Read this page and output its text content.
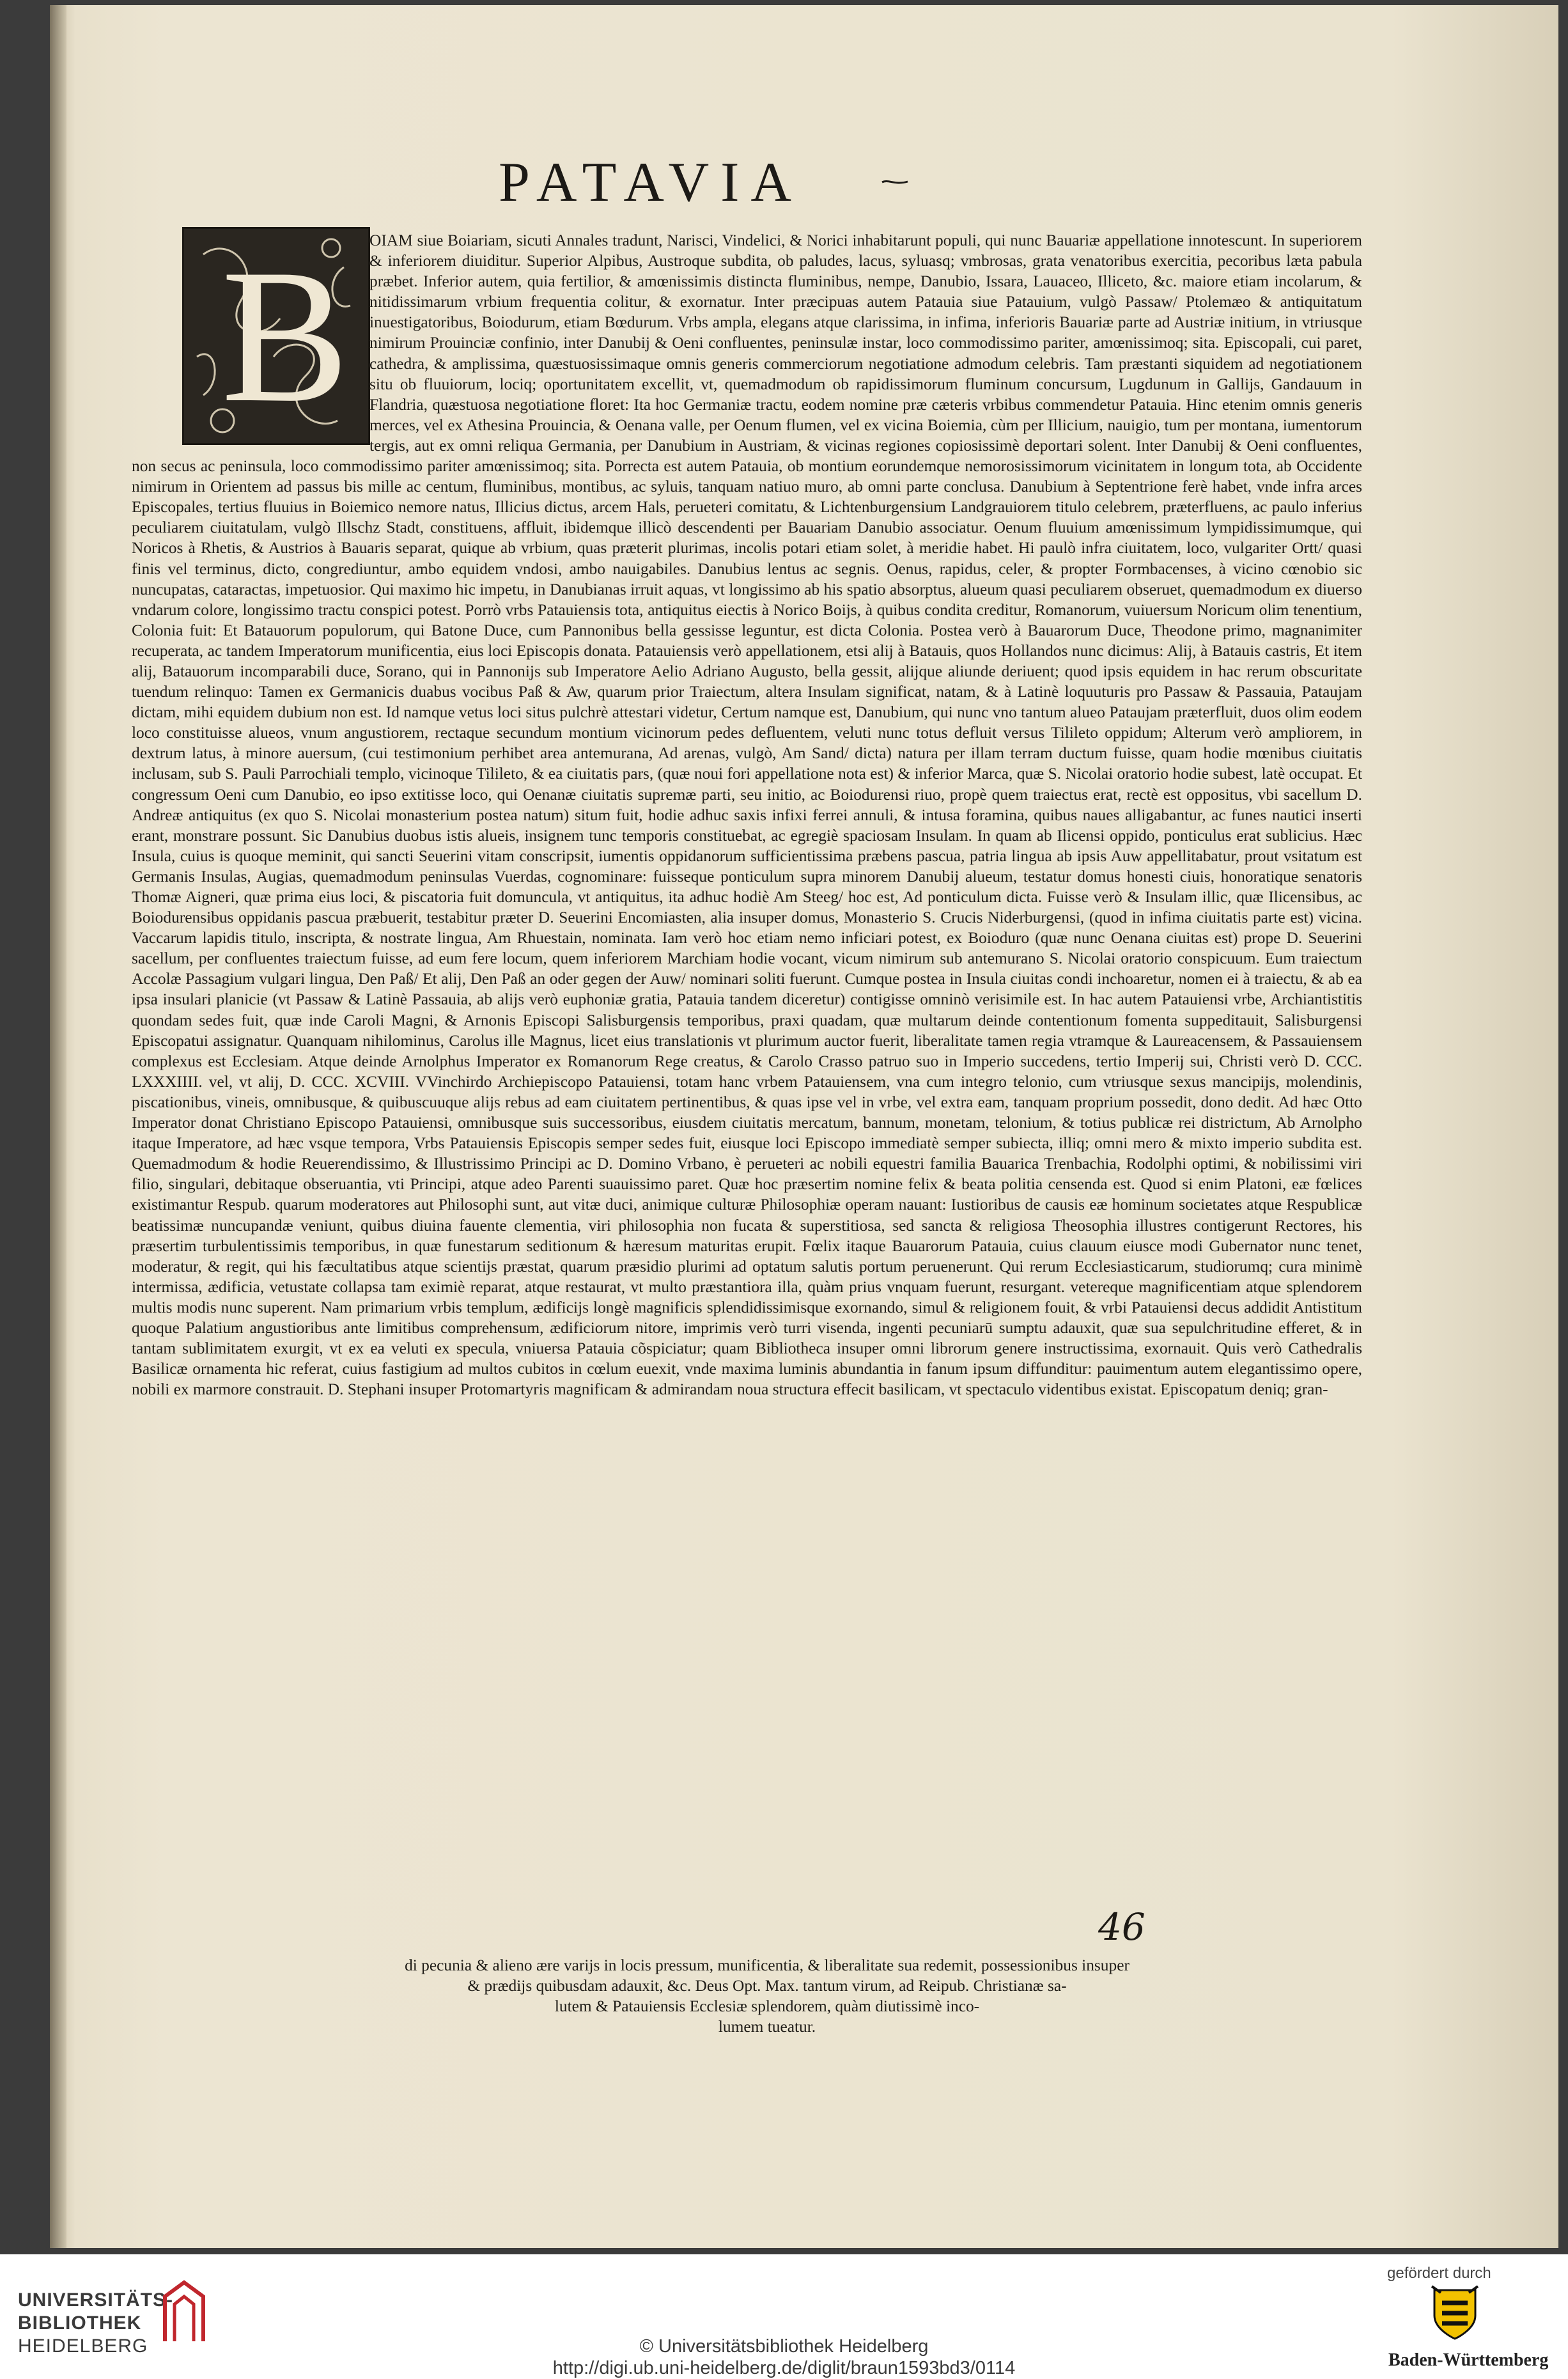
PATAVIA
B	OIAM siue Boiariam, sicuti Annales tradunt, Narisci, Vindelici, & Norici inhabitarunt populi, qui nunc Bauariæ appellatione innotescunt. In superiorem & inferiorem diuiditur. Superior Alpibus, Austroque subdita, ob paludes, lacus, syluasq; vmbrosas, grata venatoribus exercitia, pecoribus læta pabula præbet. Inferior autem, quia fertilior, & amœnissimis distincta fluminibus, nempe, Danubio, Issara, Lauaceo, Illiceto, &c. maiore etiam incolarum, & nitidissimarum vrbium frequentia colitur, & exornatur. Inter præcipuas autem Patauia siue Patauium, vulgò Passaw/ Ptolemæo & antiquitatum inuestigatoribus, Boiodurum, etiam Bœdurum. Vrbs ampla, elegans atque clarissima, in infima, inferioris Bauariæ parte ad Austriæ initium, in vtriusque nimirum Prouinciæ confinio, inter Danubij & Oeni confluentes, peninsulæ instar, loco commodissimo pariter, amœnissimoq; sita. Episcopali, cui paret, cathedra, & amplissima, quæstuosissimaque omnis generis commerciorum negotiatione admodum celebris. Tam præstanti siquidem ad negotiationem situ ob fluuiorum, lociq; oportunitatem excellit, vt, quemadmodum ob rapidissimorum fluminum concursum, Lugdunum in Gallijs, Gandauum in Flandria, quæstuosa negotiatione floret: Ita hoc Germaniæ tractu, eodem nomine præ cæteris vrbibus commendetur Patauia. Hinc etenim omnis generis merces, vel ex Athesina Prouincia, & Oenana valle, per Oenum flumen, vel ex vicina Boiemia, cùm per Illicium, nauigio, tum per montana, iumentorum tergis, aut ex omni reliqua Germania, per Danubium in Austriam, & vicinas regiones copiosissimè deportari solent. Inter Danubij & Oeni confluentes, non secus ac peninsula, loco commodissimo pariter amœnissimoq; sita. Porrecta est autem Patauia, ob montium eorundemque nemorosissimorum vicinitatem in longum tota, ab Occidente nimirum in Orientem ad passus bis mille ac centum, fluminibus, montibus, ac syluis, tanquam natiuo muro, ab omni parte conclusa. Danubium à Septentrione ferè habet, vnde infra arces Episcopales, tertius fluuius in Boiemico nemore natus, Illicius dictus, arcem Hals, perueteri comitatu, & Lichtenburgensium Landgrauiorem titulo celebrem, præterfluens, ac paulo inferius peculiarem ciuitatulam, vulgò Illschz Stadt, constituens, affluit, ibidemque illicò descendenti per Bauariam Danubio associatur. Oenum fluuium amœnissimum lympidissimumque, qui Noricos à Rhetis, & Austrios à Bauaris separat, quique ab vrbium, quas præterit plurimas, incolis potari etiam solet, à meridie habet. Hi paulò infra ciuitatem, loco, vulgariter Ortt/ quasi finis vel terminus, dicto, congrediuntur, ambo equidem vndosi, ambo nauigabiles. Danubius lentus ac segnis. Oenus, rapidus, celer, & propter Formbacenses, à vicino cœnobio sic nuncupatas, cataractas, impetuosior. Qui maximo hic impetu, in Danubianas irruit aquas, vt longissimo ab his spatio absorptus, alueum quasi peculiarem obseruet, quemadmodum ex diuerso vndarum colore, longissimo tractu conspici potest. Porrò vrbs Patauiensis tota, antiquitus eiectis à Norico Boijs, à quibus condita creditur, Romanorum, vuiuersum Noricum olim tenentium, Colonia fuit: Et Batauorum populorum, qui Batone Duce, cum Pannonibus bella gessisse leguntur, est dicta Colonia. Postea verò à Bauarorum Duce, Theodone primo, magnanimiter recuperata, ac tandem Imperatorum munificentia, eius loci Episcopis donata. Patauiensis verò appellationem, etsi alij à Batauis, quos Hollandos nunc dicimus: Alij, à Batauis castris, Et item alij, Batauorum incomparabili duce, Sorano, qui in Pannonijs sub Imperatore Aelio Adriano Augusto, bella gessit, alijque aliunde deriuent; quod ipsis equidem in hac rerum obscuritate tuendum relinquo: Tamen ex Germanicis duabus vocibus Paß & Aw, quarum prior Traiectum, altera Insulam significat, natam, & à Latinè loquuturis pro Passaw & Passauia, Pataujam dictam, mihi equidem dubium non est. Id namque vetus loci situs pulchrè attestari videtur, Certum namque est, Danubium, qui nunc vno tantum alueo Pataujam præterfluit, duos olim eodem loco constituisse alueos, vnum angustiorem, rectaque secundum montium vicinorum pedes defluentem, veluti nunc totus defluit versus Tilileto oppidum; Alterum verò ampliorem, in dextrum latus, à minore auersum, (cui testimonium perhibet area antemurana, Ad arenas, vulgò, Am Sand/ dicta) natura per illam terram ductum fuisse, quam hodie mœnibus ciuitatis inclusam, sub S. Pauli Parrochiali templo, vicinoque Tilileto, & ea ciuitatis pars, (quæ noui fori appellatione nota est) & inferior Marca, quæ S. Nicolai oratorio hodie subest, latè occupat. Et congressum Oeni cum Danubio, eo ipso extitisse loco, qui Oenanæ ciuitatis supremæ parti, seu initio, ac Boiodurensi riuo, propè quem traiectus erat, rectè est oppositus, vbi sacellum D. Andreæ antiquitus (ex quo S. Nicolai monasterium postea natum) situm fuit, hodie adhuc saxis infixi ferrei annuli, & intusa foramina, quibus naues alligabantur, ac funes nautici inserti erant, monstrare possunt. Sic Danubius duobus istis alueis, insignem tunc temporis constituebat, ac egregiè spaciosam Insulam. In quam ab Ilicensi oppido, ponticulus erat sublicius. Hæc Insula, cuius is quoque meminit, qui sancti Seuerini vitam conscripsit, iumentis oppidanorum sufficientissima præbens pascua, patria lingua ab ipsis Auw appellitabatur, prout vsitatum est Germanis Insulas, Augias, quemadmodum peninsulas Vuerdas, cognominare: fuisseque ponticulum supra minorem Danubij alueum, testatur domus honesti ciuis, honoratique senatoris Thomæ Aigneri, quæ prima eius loci, & piscatoria fuit domuncula, vt antiquitus, ita adhuc hodiè Am Steeg/ hoc est, Ad ponticulum dicta. Fuisse verò & Insulam illic, quæ Ilicensibus, ac Boiodurensibus oppidanis pascua præbuerit, testabitur præter D. Seuerini Encomiasten, alia insuper domus, Monasterio S. Crucis Niderburgensi, (quod in infima ciuitatis parte est) vicina. Vaccarum lapidis titulo, inscripta, & nostrate lingua, Am Rhuestain, nominata. Iam verò hoc etiam nemo inficiari potest, ex Boioduro (quæ nunc Oenana ciuitas est) prope D. Seuerini sacellum, per confluentes traiectum fuisse, ad eum fere locum, quem inferiorem Marchiam hodie vocant, vicum nimirum sub antemurano S. Nicolai oratorio conspicuum. Eum traiectum Accolæ Passagium vulgari lingua, Den Paß/ Et alij, Den Paß an oder gegen der Auw/ nominari soliti fuerunt. Cumque postea in Insula ciuitas condi inchoaretur, nomen ei à traiectu, & ab ea ipsa insulari planicie (vt Passaw & Latinè Passauia, ab alijs verò euphoniæ gratia, Patauia tandem diceretur) contigisse omninò verisimile est. In hac autem Patauiensi vrbe, Archiantistitis quondam sedes fuit, quæ inde Caroli Magni, & Arnonis Episcopi Salisburgensis temporibus, praxi quadam, quæ multarum deinde contentionum fomenta suppeditauit, Salisburgensi Episcopatui assignatur. Quanquam nihilominus, Carolus ille Magnus, licet eius translationis vt plurimum auctor fuerit, liberalitate tamen regia vtramque & Laureacensem, & Passauiensem complexus est Ecclesiam. Atque deinde Arnolphus Imperator ex Romanorum Rege creatus, & Carolo Crasso patruo suo in Imperio succedens, tertio Imperij sui, Christi verò D. CCC. LXXXIIII. vel, vt alij, D. CCC. XCVIII. VVinchirdo Archiepiscopo Patauiensi, totam hanc vrbem Patauiensem, vna cum integro telonio, cum vtriusque sexus mancipijs, molendinis, piscationibus, vineis, omnibusque, & quibuscuuque alijs rebus ad eam ciuitatem pertinentibus, & quas ipse vel in vrbe, vel extra eam, tanquam proprium possedit, dono dedit. Ad hæc Otto Imperator donat Christiano Episcopo Patauiensi, omnibusque suis successoribus, eiusdem ciuitatis mercatum, bannum, monetam, telonium, & totius publicæ rei districtum, Ab Arnolpho itaque Imperatore, ad hæc vsque tempora, Vrbs Patauiensis Episcopis semper sedes fuit, eiusque loci Episcopo immediatè semper subiecta, illiq; omni mero & mixto imperio subdita est. Quemadmodum & hodie Reuerendissimo, & Illustrissimo Principi ac D. Domino Vrbano, è perueteri ac nobili equestri familia Bauarica Trenbachia, Rodolphi optimi, & nobilissimi viri filio, singulari, debitaque obseruantia, vti Principi, atque adeo Parenti suauissimo paret. Quæ hoc præsertim nomine felix & beata politia censenda est. Quod si enim Platoni, eæ fœlices existimantur Respub. quarum moderatores aut Philosophi sunt, aut vitæ duci, animique culturæ Philosophiæ operam nauant: Iustioribus de causis eæ hominum societates atque Respublicæ beatissimæ nuncupandæ veniunt, quibus diuina fauente clementia, viri philosophia non fucata & superstitiosa, sed sancta & religiosa Theosophia illustres contigerunt Rectores, his præsertim turbulentissimis temporibus, in quæ funestarum seditionum & hæresum maturitas erupit. Fœlix itaque Bauarorum Patauia, cuius clauum eiusce modi Gubernator nunc tenet, moderatur, & regit, qui his fæcultatibus atque scientijs præstat, quarum præsidio plurimi ad optatum salutis portum peruenerunt. Qui rerum Ecclesiasticarum, studiorumq; cura minimè intermissa, ædificia, vetustate collapsa tam eximiè reparat, atque restaurat, vt multo præstantiora illa, quàm prius vnquam fuerunt, resurgant. vetereque magnificentiam atque splendorem multis modis nunc superent. Nam primarium vrbis templum, ædificijs longè magnificis splendidissimisque exornando, simul & religionem fouit, & vrbi Patauiensi decus addidit Antistitum quoque Palatium angustioribus ante limitibus comprehensum, ædificiorum nitore, imprimis verò turri visenda, ingenti pecuniarū sumptu adauxit, quæ sua sepulchritudine efferet, & in tantam sublimitatem exurgit, vt ex ea veluti ex specula, vniuersa Patauia cõspiciatur; quam Bibliotheca insuper omni librorum genere instructissima, exornauit. Quis verò Cathedralis Basilicæ ornamenta hic referat, cuius fastigium ad multos cubitos in cœlum euexit, vnde maxima luminis abundantia in fanum ipsum diffunditur: pauimentum autem elegantissimo opere, nobili ex marmore constrauit. D. Stephani insuper Protomartyris magnificam & admirandam noua structura effecit basilicam, vt spectaculo videntibus existat. Episcopatum deniq; gran-

di pecunia & alieno ære varijs in locis pressum, munificentia, & liberalitate sua redemit, possessionibus insuper
& prædijs quibusdam adauxit, &c. Deus Opt. Max. tantum virum, ad Reipub. Christianæ sa-
lutem & Patauiensis Ecclesiæ splendorem, quàm diutissimè inco-
lumem tueatur.
46
UNIVERSITÄTS-
BIBLIOTHEK
HEIDELBERG	© Universitätsbibliothek Heidelberg
http://digi.ub.uni-heidelberg.de/diglit/braun1593bd3/0114
gefördert durch
Baden-Württemberg
